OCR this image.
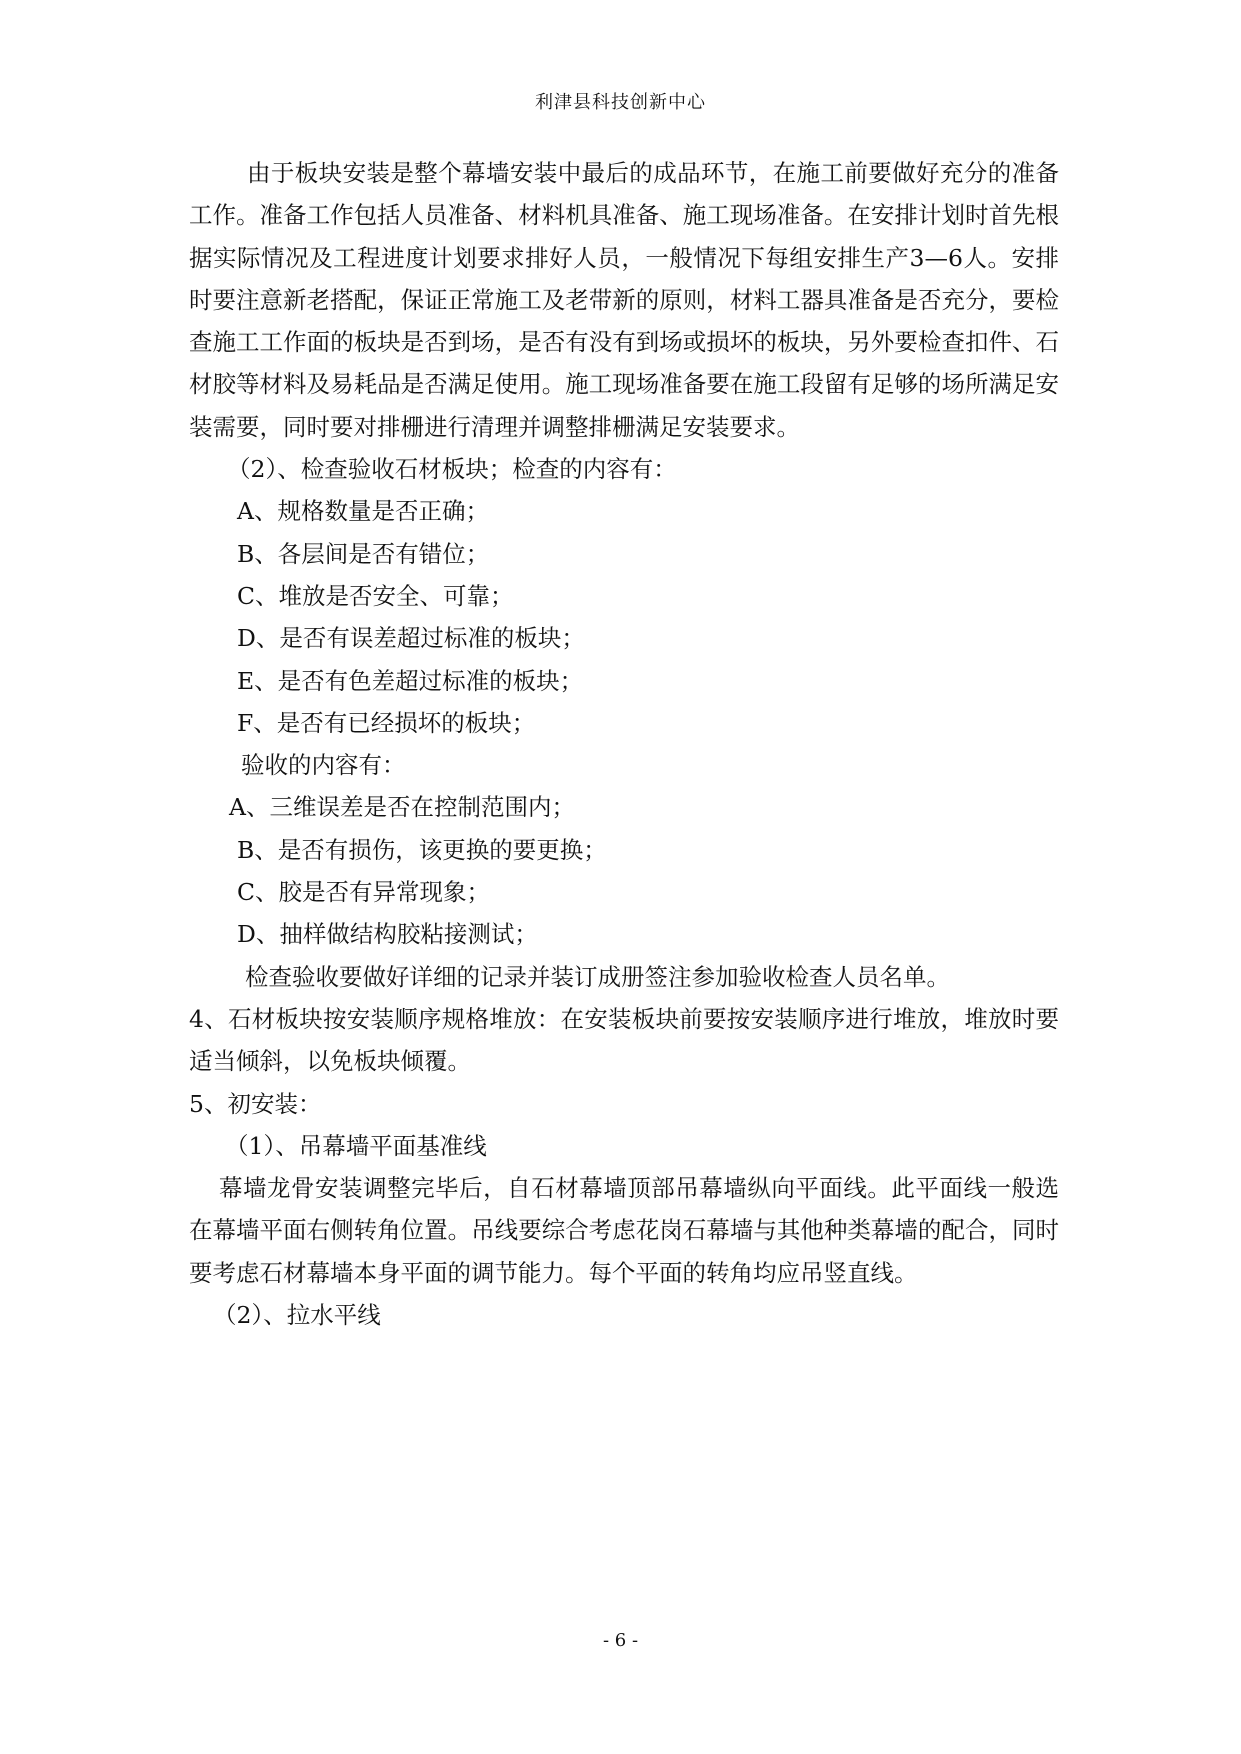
利津县科技创新中心

由于板块安装是整个幕墙安装中最后的成品环节，在施工前要做好充分的准备工作。准备工作包括人员准备、材料机具准备、施工现场准备。在安排计划时首先根据实际情况及工程进度计划要求排好人员，一般情况下每组安排生产3—6人。安排时要注意新老搭配，保证正常施工及老带新的原则，材料工器具准备是否充分，要检查施工工作面的板块是否到场，是否有没有到场或损坏的板块，另外要检查扣件、石材胶等材料及易耗品是否满足使用。施工现场准备要在施工段留有足够的场所满足安装需要，同时要对排栅进行清理并调整排栅满足安装要求。

（2）、检查验收石材板块；检查的内容有：

A、规格数量是否正确；

B、各层间是否有错位；

C、堆放是否安全、可靠；

D、是否有误差超过标准的板块；

E、是否有色差超过标准的板块；

F、是否有已经损坏的板块；

验收的内容有：

A、三维误差是否在控制范围内；

B、是否有损伤，该更换的要更换；

C、胶是否有异常现象；

D、抽样做结构胶粘接测试；

检查验收要做好详细的记录并装订成册签注参加验收检查人员名单。

4、石材板块按安装顺序规格堆放：在安装板块前要按安装顺序进行堆放，堆放时要适当倾斜，以免板块倾覆。

5、初安装：

（1）、吊幕墙平面基准线

幕墙龙骨安装调整完毕后，自石材幕墙顶部吊幕墙纵向平面线。此平面线一般选在幕墙平面右侧转角位置。吊线要综合考虑花岗石幕墙与其他种类幕墙的配合，同时要考虑石材幕墙本身平面的调节能力。每个平面的转角均应吊竖直线。

（2）、拉水平线

- 6 -
